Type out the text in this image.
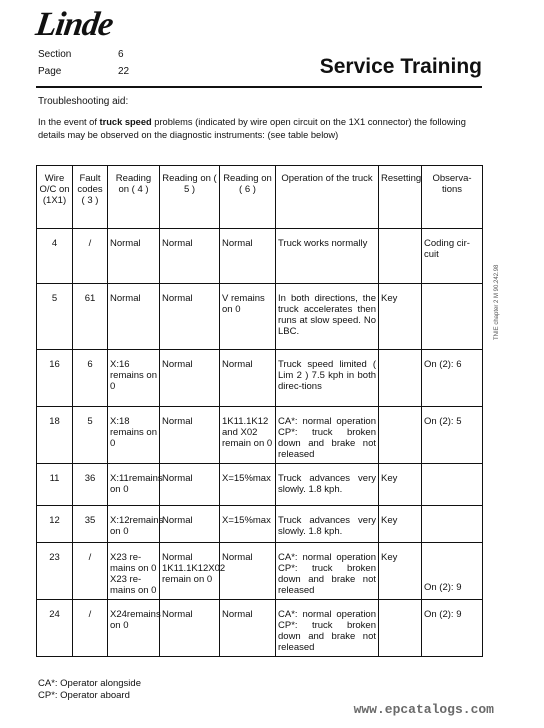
Linde
Section	6
Page	22	Service Training
Troubleshooting aid:
In the event of truck speed problems (indicated by wire open circuit on the 1X1 connector) the following details may be observed on the diagnostic instruments: (see table below)
Wire O/C on (1X1)	Fault codes ( 3 )	Reading on ( 4 )	Reading on ( 5 )	Reading on ( 6 )	Operation of the truck	Resetting	Observa-tions
4	/	Normal	Normal	Normal	Truck works normally		Coding cir-cuit
5	61	Normal	Normal	V remains on 0	In both directions, the truck accelerates then runs at slow speed. No LBC.	Key	
16	6	X:16 remains on 0	Normal	Normal	Truck speed limited ( Lim 2 ) 7.5 kph in both direc-tions		On (2): 6
18	5	X:18 remains on 0	Normal	1K11.1K12 and X02 remain on 0	CA*: normal operation CP*: truck broken down and brake not released		On (2): 5
11	36	X:11remains on 0	Normal	X=15%max	Truck advances very slowly. 1.8 kph.	Key	
12	35	X:12remains on 0	Normal	X=15%max	Truck advances very slowly. 1.8 kph.	Key	
23	/	X23 re-mains on 0 X23 re-mains on 0	Normal 1K11.1K12X02 remain on 0	Normal	CA*: normal operation CP*: truck broken down and brake not released	Key	On (2): 9
24	/	X24remains on 0	Normal	Normal	CA*: normal operation CP*: truck broken down and brake not released		On (2): 9
CA*: Operator alongside
CP*: Operator aboard
TNIE chapter 2 M 90.242.98
www.epcatalogs.com
